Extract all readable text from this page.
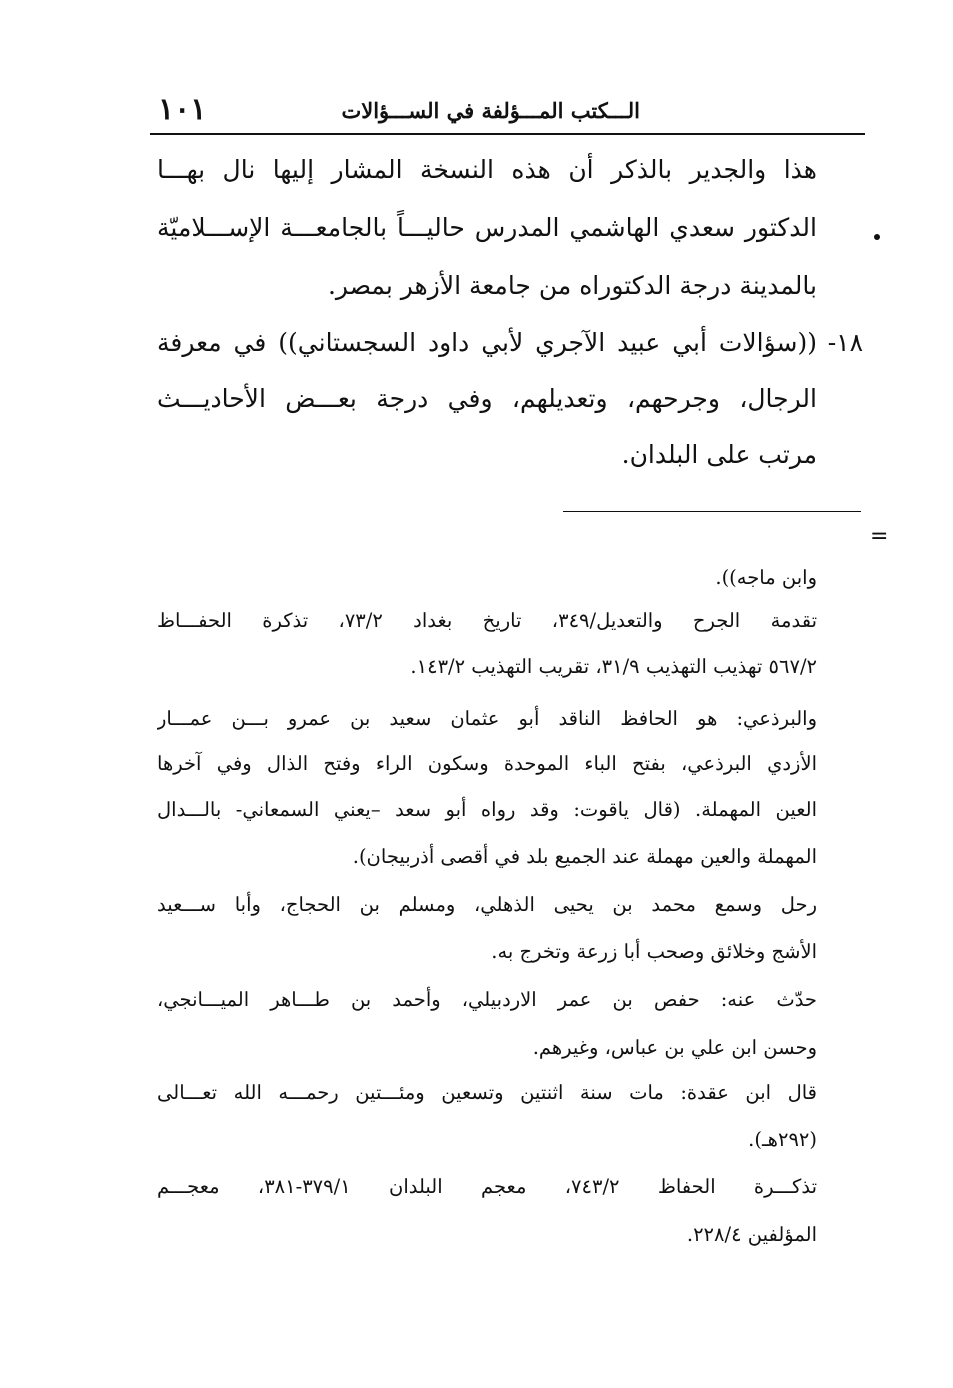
١٠١	الـــكتب المـــؤلفة في الســـؤالات
هذا والجدير بالذكر أن هذه النسخة المشار إليها نال بهـــا
الدكتور سعدي الهاشمي المدرس حاليـــاً بالجامعـــة الإســـلاميّة
بالمدينة درجة الدكتوراه من جامعة الأزهر بمصر.
١٨-
((سؤالات أبي عبيد الآجري لأبي داود السجستاني)) في معرفة
الرجال، وجرحهم، وتعديلهم، وفي درجة بعـــض الأحاديـــث
مرتب على البلدان.
=
وابن ماجه)).
تقدمة الجرح والتعديل/٣٤٩، تاريخ بغداد ٧٣/٢، تذكرة الحفـــاظ
٥٦٧/٢ تهذيب التهذيب ٣١/٩، تقريب التهذيب ١٤٣/٢.
والبرذعي: هو الحافظ الناقد أبو عثمان سعيد بن عمرو بـــن عمـــار
الأزدي البرذعي، بفتح الباء الموحدة وسكون الراء وفتح الذال وفي آخرها
العين المهملة. (قال ياقوت: وقد رواه أبو سعد –يعني السمعاني- بالـــدال
المهملة والعين مهملة عند الجميع بلد في أقصى أذربيجان).
رحل وسمع محمد بن يحيى الذهلي، ومسلم بن الحجاج، وأبا ســـعيد
الأشج وخلائق وصحب أبا زرعة وتخرج به.
حدّث عنه: حفص بن عمر الاردبيلي، وأحمد بن طـــاهر الميـــانجي،
وحسن ابن علي بن عباس، وغيرهم.
قال ابن عقدة: مات سنة اثنتين وتسعين ومئـــتين رحمـــه الله تعـــالى
(٢٩٢هـ).
تذكـــرة الحفاظ ٧٤٣/٢، معجم البلدان ٣٧٩/١-٣٨١، معجـــم
المؤلفين ٢٢٨/٤.
